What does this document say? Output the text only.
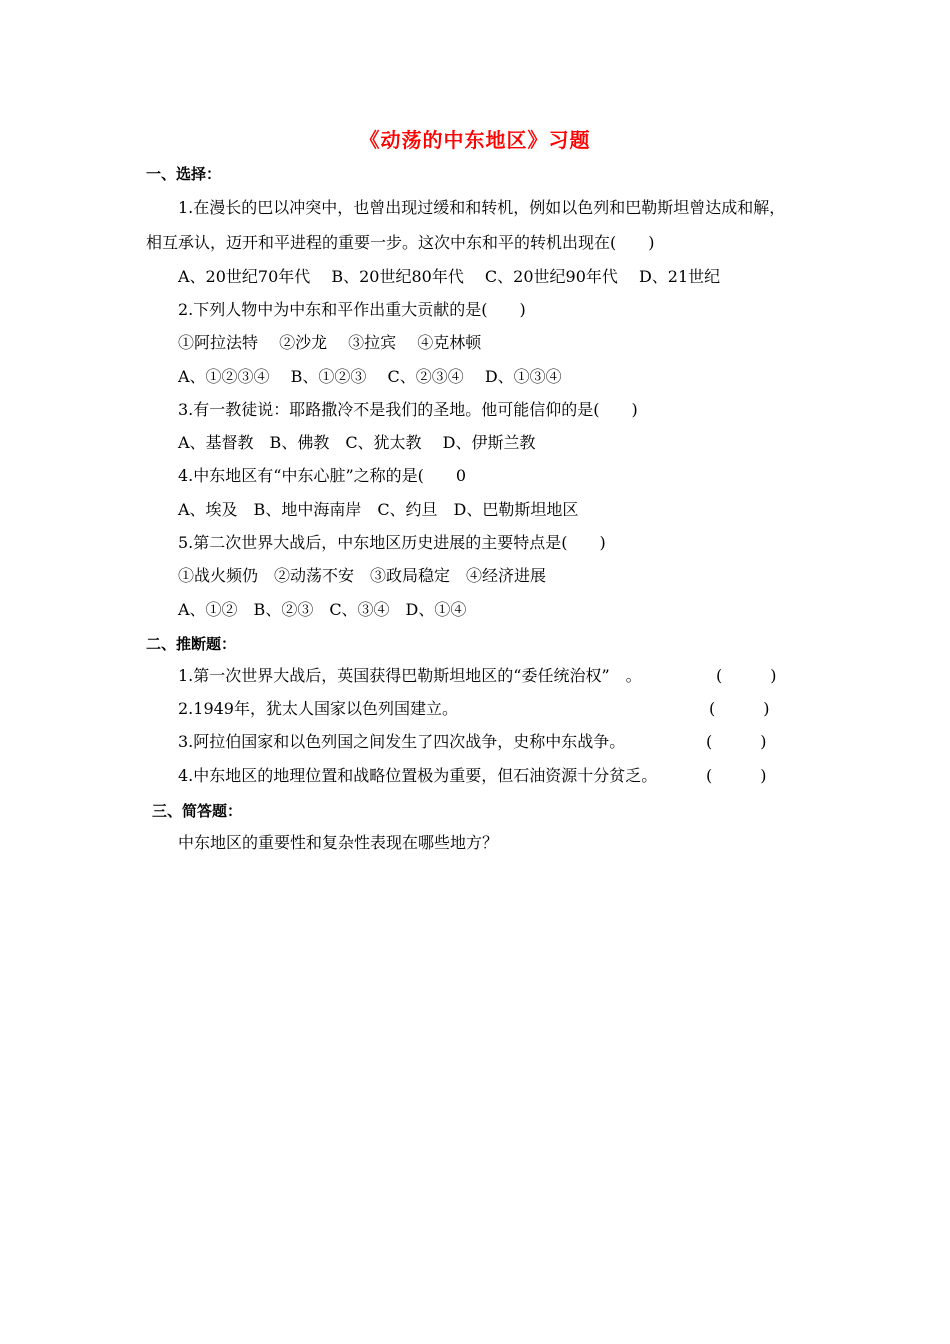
《动荡的中东地区》习题
一、选择：
1.在漫长的巴以冲突中，也曾出现过缓和和转机，例如以色列和巴勒斯坦曾达成和解，
相互承认，迈开和平进程的重要一步。这次中东和平的转机出现在(　　)
A、20世纪70年代　 B、20世纪80年代　 C、20世纪90年代　 D、21世纪
2.下列人物中为中东和平作出重大贡献的是(　　)
①阿拉法特　 ②沙龙　 ③拉宾　 ④克林顿
A、①②③④　 B、①②③　 C、②③④　 D、①③④
3.有一教徒说：耶路撒冷不是我们的圣地。他可能信仰的是(　　)
A、基督教　B、佛教　C、犹太教　 D、伊斯兰教
4.中东地区有“中东心脏”之称的是(　　0
A、埃及　B、地中海南岸　C、约旦　D、巴勒斯坦地区
5.第二次世界大战后，中东地区历史进展的主要特点是(　　)
①战火频仍　②动荡不安　③政局稳定　④经济进展
A、①②　B、②③　C、③④　D、①④
二、推断题：
1.第一次世界大战后，英国获得巴勒斯坦地区的“委任统治权”　。	(　　　)
2.1949年，犹太人国家以色列国建立。	(　　　)
3.阿拉伯国家和以色列国之间发生了四次战争，史称中东战争。	(　　　)
4.中东地区的地理位置和战略位置极为重要，但石油资源十分贫乏。	(　　　)
三、简答题：
中东地区的重要性和复杂性表现在哪些地方？
